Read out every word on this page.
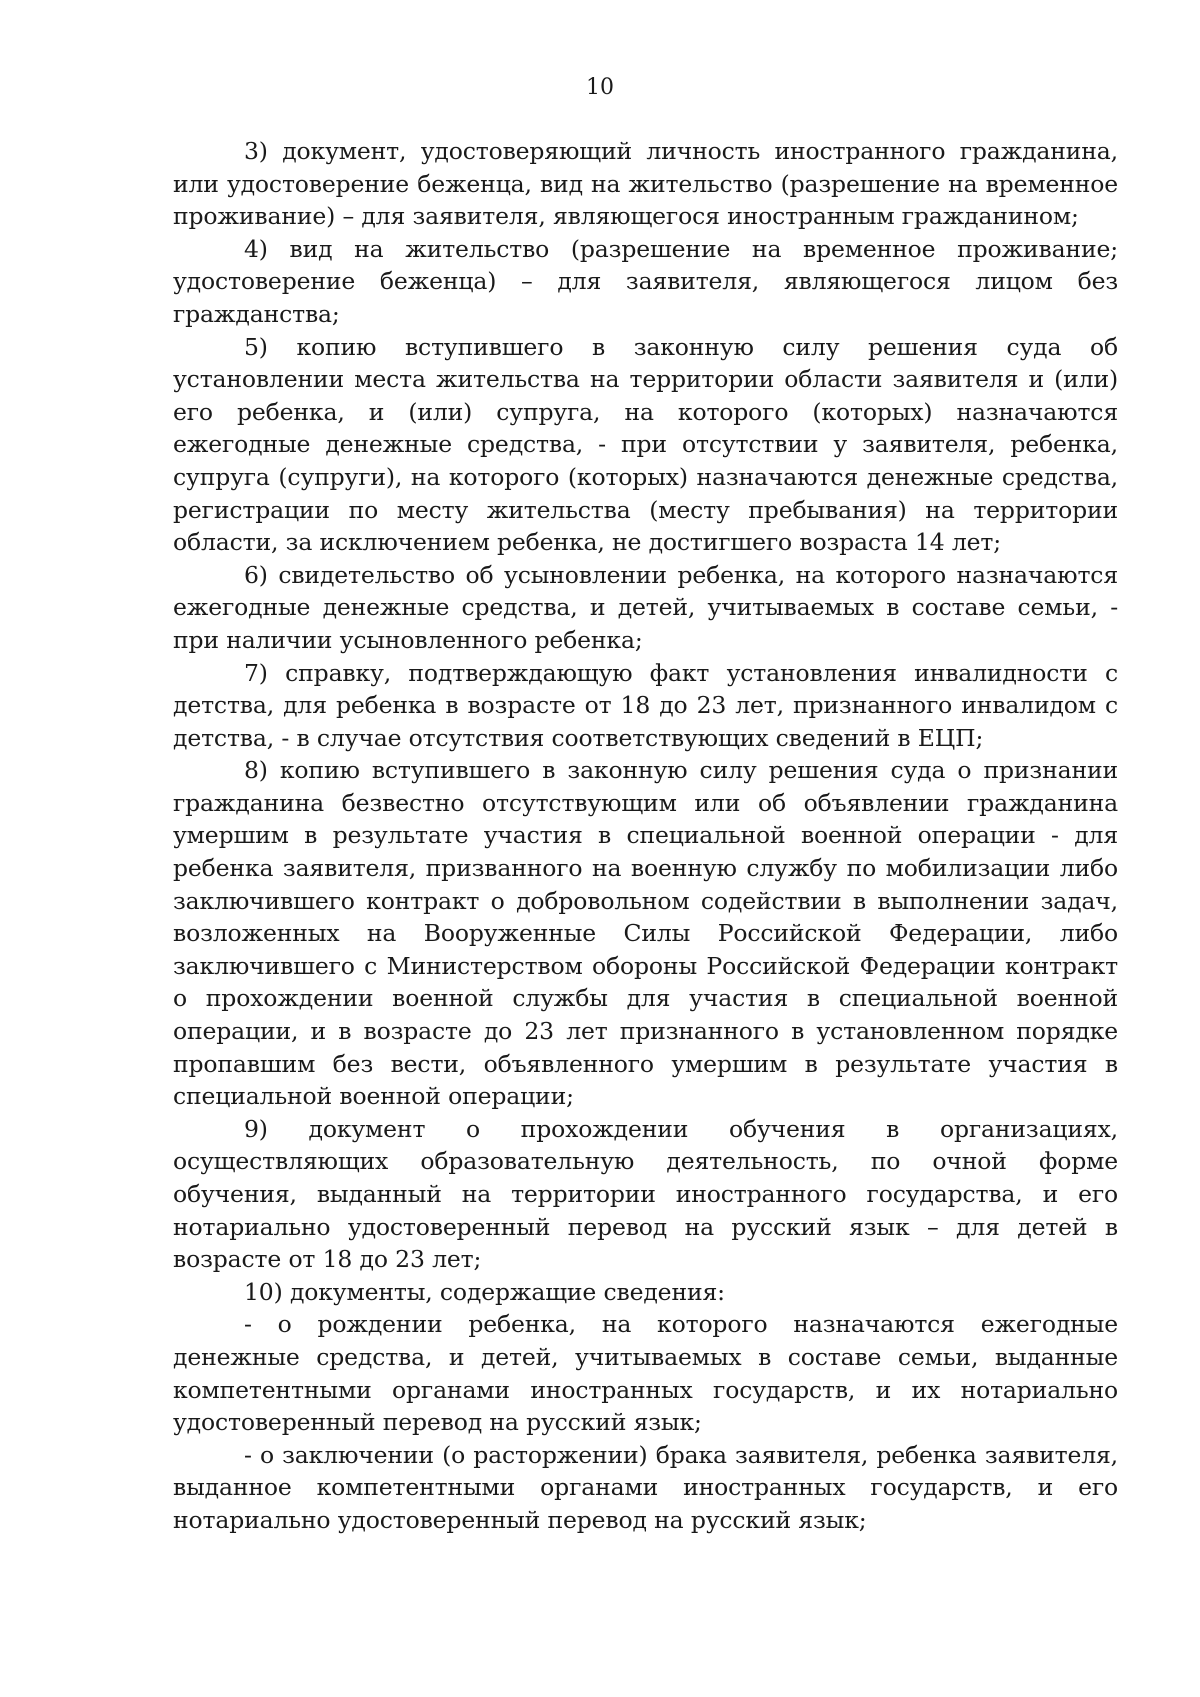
10

3) документ, удостоверяющий личность иностранного гражданина, или удостоверение беженца, вид на жительство (разрешение на временное проживание) – для заявителя, являющегося иностранным гражданином;

4) вид на жительство (разрешение на временное проживание; удостоверение беженца) – для заявителя, являющегося лицом без гражданства;

5) копию вступившего в законную силу решения суда об установлении места жительства на территории области заявителя и (или) его ребенка, и (или) супруга, на которого (которых) назначаются ежегодные денежные средства, - при отсутствии у заявителя, ребенка, супруга (супруги), на которого (которых) назначаются денежные средства, регистрации по месту жительства (месту пребывания) на территории области, за исключением ребенка, не достигшего возраста 14 лет;

6) свидетельство об усыновлении ребенка, на которого назначаются ежегодные денежные средства, и детей, учитываемых в составе семьи, - при наличии усыновленного ребенка;

7) справку, подтверждающую факт установления инвалидности с детства, для ребенка в возрасте от 18 до 23 лет, признанного инвалидом с детства, - в случае отсутствия соответствующих сведений в ЕЦП;

8) копию вступившего в законную силу решения суда о признании гражданина безвестно отсутствующим или об объявлении гражданина умершим в результате участия в специальной военной операции - для ребенка заявителя, призванного на военную службу по мобилизации либо заключившего контракт о добровольном содействии в выполнении задач, возложенных на Вооруженные Силы Российской Федерации, либо заключившего с Министерством обороны Российской Федерации контракт о прохождении военной службы для участия в специальной военной операции, и в возрасте до 23 лет признанного в установленном порядке пропавшим без вести, объявленного умершим в результате участия в специальной военной операции;

9) документ о прохождении обучения в организациях, осуществляющих образовательную деятельность, по очной форме обучения, выданный на территории иностранного государства, и его нотариально удостоверенный перевод на русский язык – для детей в возрасте от 18 до 23 лет;

10) документы, содержащие сведения:

- о рождении ребенка, на которого назначаются ежегодные денежные средства, и детей, учитываемых в составе семьи, выданные компетентными органами иностранных государств, и их нотариально удостоверенный перевод на русский язык;

- о заключении (о расторжении) брака заявителя, ребенка заявителя, выданное компетентными органами иностранных государств, и его нотариально удостоверенный перевод на русский язык;
